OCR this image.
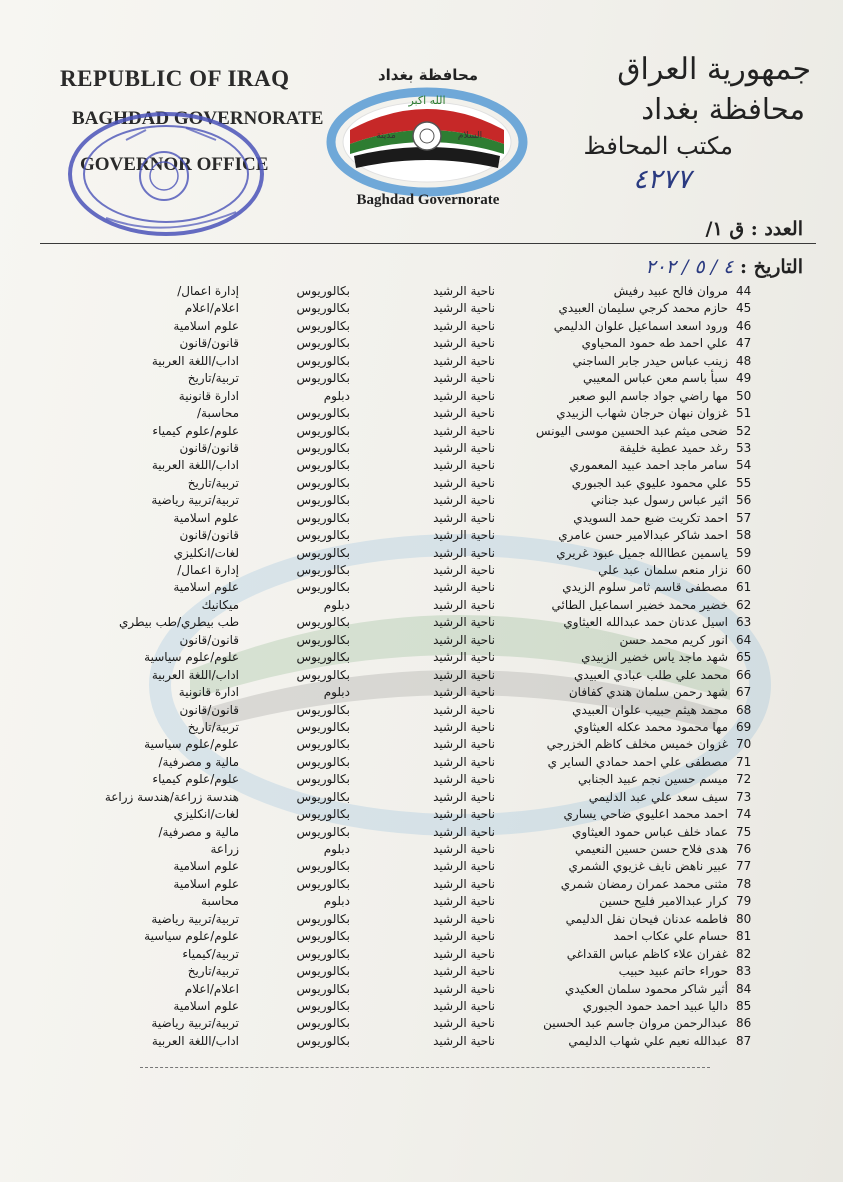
REPUBLIC OF IRAQ
BAGHDAD GOVERNORATE
GOVERNOR OFFICE
محافظة بغداد
الله اكبر
مدينة	السلام
Baghdad Governorate
جمهورية العراق
محافظة بغداد
مكتب المحافظ
٤٢٧٧
العدد : ق ١/
التاريخ : ٤ / ٥ / ٢٠٢
44
مروان فالح عبيد رفيش
ناحية الرشيد
بكالوريوس
إدارة اعمال/
45
حازم محمد كرجي سليمان العبيدي
ناحية الرشيد
بكالوريوس
اعلام/اعلام
46
ورود اسعد اسماعيل علوان الدليمي
ناحية الرشيد
بكالوريوس
علوم اسلامية
47
علي احمد طه حمود المحياوي
ناحية الرشيد
بكالوريوس
قانون/قانون
48
زينب عباس حيدر جابر الساجني
ناحية الرشيد
بكالوريوس
اداب/اللغة العربية
49
سبأ باسم معن عباس المعيبي
ناحية الرشيد
بكالوريوس
تربية/تاريخ
50
مها راضي جواد جاسم البو صعبر
ناحية الرشيد
دبلوم
ادارة قانونية
51
غزوان نبهان حرجان شهاب الزبيدي
ناحية الرشيد
بكالوريوس
محاسبة/
52
ضحى ميثم عبد الحسين موسى اليونس
ناحية الرشيد
بكالوريوس
علوم/علوم كيمياء
53
رغد حميد عطية خليفة
ناحية الرشيد
بكالوريوس
قانون/قانون
54
سامر ماجد احمد عبيد المعموري
ناحية الرشيد
بكالوريوس
اداب/اللغة العربية
55
علي محمود عليوي عبد الجبوري
ناحية الرشيد
بكالوريوس
تربية/تاريخ
56
اثير عباس رسول عبد جناني
ناحية الرشيد
بكالوريوس
تربية/تربية رياضية
57
احمد تكريت ضبع حمد السويدي
ناحية الرشيد
بكالوريوس
علوم اسلامية
58
احمد شاكر عبدالامير حسن عامري
ناحية الرشيد
بكالوريوس
قانون/قانون
59
ياسمين عطاالله جميل عبود غريري
ناحية الرشيد
بكالوريوس
لغات/انكليزي
60
نزار منعم سلمان عبد علي
ناحية الرشيد
بكالوريوس
إدارة اعمال/
61
مصطفى قاسم ثامر سلوم الزيدي
ناحية الرشيد
بكالوريوس
علوم اسلامية
62
خضير محمد خضير اسماعيل الطائي
ناحية الرشيد
دبلوم
ميكانيك
63
اسيل عدنان حمد عبدالله العيثاوي
ناحية الرشيد
بكالوريوس
طب بيطري/طب بيطري
64
انور كريم محمد حسن
ناحية الرشيد
بكالوريوس
قانون/قانون
65
شهد ماجد ياس خضير الزبيدي
ناحية الرشيد
بكالوريوس
علوم/علوم سياسية
66
محمد علي طلب عبادي العبيدي
ناحية الرشيد
بكالوريوس
اداب/اللغة العربية
67
شهد رحمن سلمان هندي كفافان
ناحية الرشيد
دبلوم
ادارة قانونية
68
محمد هيثم حبيب علوان العبيدي
ناحية الرشيد
بكالوريوس
قانون/قانون
69
مها محمود محمد عكله العيثاوي
ناحية الرشيد
بكالوريوس
تربية/تاريخ
70
غزوان خميس مخلف كاظم الخزرجي
ناحية الرشيد
بكالوريوس
علوم/علوم سياسية
71
مصطفى علي احمد حمادي الساير ي
ناحية الرشيد
بكالوريوس
مالية و مصرفية/
72
ميسم حسين نجم عبيد الجنابي
ناحية الرشيد
بكالوريوس
علوم/علوم كيمياء
73
سيف سعد علي عبد الدليمي
ناحية الرشيد
بكالوريوس
هندسة زراعة/هندسة زراعة
74
احمد محمد اعليوي ضاحي يساري
ناحية الرشيد
بكالوريوس
لغات/انكليزي
75
عماد خلف عباس حمود العيثاوي
ناحية الرشيد
بكالوريوس
مالية و مصرفية/
76
هدى فلاح حسن حسين النعيمي
ناحية الرشيد
دبلوم
زراعة
77
عبير ناهض نايف غزيوي الشمري
ناحية الرشيد
بكالوريوس
علوم اسلامية
78
مثنى محمد عمران رمضان شمري
ناحية الرشيد
بكالوريوس
علوم اسلامية
79
كرار عبدالامير فليح حسين
ناحية الرشيد
دبلوم
محاسبة
80
فاطمه عدنان فيحان نفل الدليمي
ناحية الرشيد
بكالوريوس
تربية/تربية رياضية
81
حسام علي عكاب احمد
ناحية الرشيد
بكالوريوس
علوم/علوم سياسية
82
غفران علاء كاظم عباس القداغي
ناحية الرشيد
بكالوريوس
تربية/كيمياء
83
حوراء حاتم عبيد حبيب
ناحية الرشيد
بكالوريوس
تربية/تاريخ
84
أثير شاكر محمود سلمان العكيدي
ناحية الرشيد
بكالوريوس
اعلام/اعلام
85
داليا عبيد احمد حمود الجبوري
ناحية الرشيد
بكالوريوس
علوم اسلامية
86
عبدالرحمن مروان جاسم عبد الحسين
ناحية الرشيد
بكالوريوس
تربية/تربية رياضية
87
عبدالله نعيم علي شهاب الدليمي
ناحية الرشيد
بكالوريوس
اداب/اللغة العربية
